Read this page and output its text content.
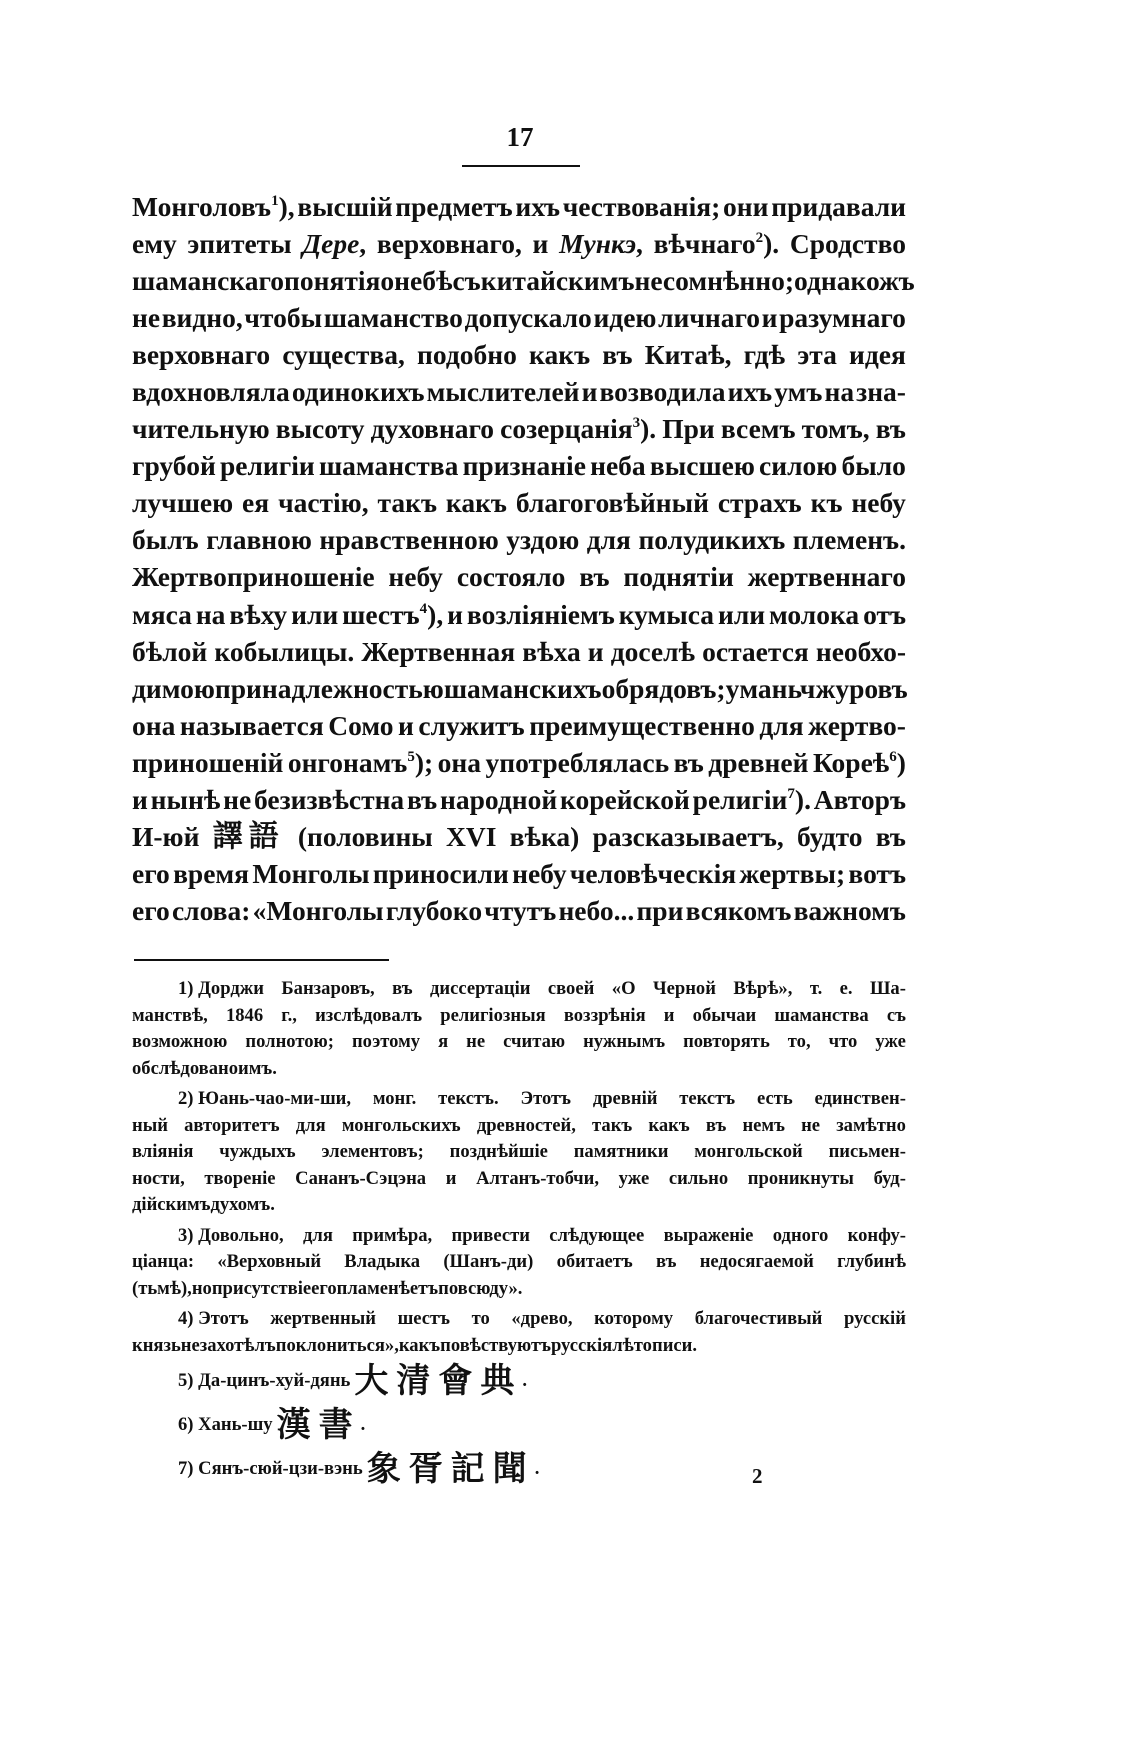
17
Монголовъ$^1$), высшій предметъ ихъ чествованія; они придавали
ему эпитеты Дере, верховнаго, и Мункэ, вѣчнаго$^2$). Сродство
шаманскаго понятія о небѣ съ китайскимъ несомнѣнно; однакожъ
не видно, чтобы шаманство допускало идею личнаго и разумнаго
верховнаго существа, подобно какъ въ Китаѣ, гдѣ эта идея
вдохновляла одинокихъ мыслителей и возводила ихъ умъ на зна-
чительную высоту духовнаго созерцанія$^3$). При всемъ томъ, въ
грубой религіи шаманства признаніе неба высшею силою было
лучшею ея частію, такъ какъ благоговѣйный страхъ къ небу
былъ главною нравственною уздою для полудикихъ племенъ.
Жертвоприношеніе небу состояло въ поднятіи жертвеннаго
мяса на вѣху или шестъ$^4$), и возліяніемъ кумыса или молока отъ
бѣлой кобылицы. Жертвенная вѣха и доселѣ остается необхо-
димою принадлежностью шаманскихъ обрядовъ; у маньчжуровъ
она называется Сомо и служитъ преимущественно для жертво-
приношеній онгонамъ$^5$); она употреблялась въ древней Кореѣ$^6$)
и нынѣ не безизвѣстна въ народной корейской религіи$^7$). Авторъ
И-юй 譯語 (половины XVI вѣка) разсказываетъ, будто въ
его время Монголы приносили небу человѣческія жертвы; вотъ
его слова: «Монголы глубоко чтутъ небо... при всякомъ важномъ
1) Дорджи Банзаровъ, въ диссертаціи своей «О Черной Вѣрѣ», т. е. Ша-
манствѣ, 1846 г., изслѣдовалъ религіозныя воззрѣнія и обычаи шаманства съ
возможною полнотою; поэтому я не считаю нужнымъ повторять то, что уже
обслѣдовано имъ.
2) Юань-чао-ми-ши, монг. текстъ. Этотъ древній текстъ есть единствен-
ный авторитетъ для монгольскихъ древностей, такъ какъ въ немъ не замѣтно
вліянія чуждыхъ элементовъ; позднѣйшіе памятники монгольской письмен-
ности, твореніе Сананъ-Сэцэна и Алтанъ-тобчи, уже сильно проникнуты буд-
дійскимъ духомъ.
3) Довольно, для примѣра, привести слѣдующее выраженіе одного конфу-
ціанца: «Верховный Владыка (Шанъ-ди) обитаетъ въ недосягаемой глубинѣ
(тьмѣ), но присутствіе его пламенѣетъ повсюду».
4) Этотъ жертвенный шестъ то «древо, которому благочестивый русскій
князь не захотѣлъ поклониться», какъ повѣствуютъ русскія лѣтописи.
5) Да-цинъ-хуй-дянь 大清會典 .
6) Хань-шу 漢書 .
7) Сянъ-сюй-цзи-вэнь 象胥記聞 .	2
